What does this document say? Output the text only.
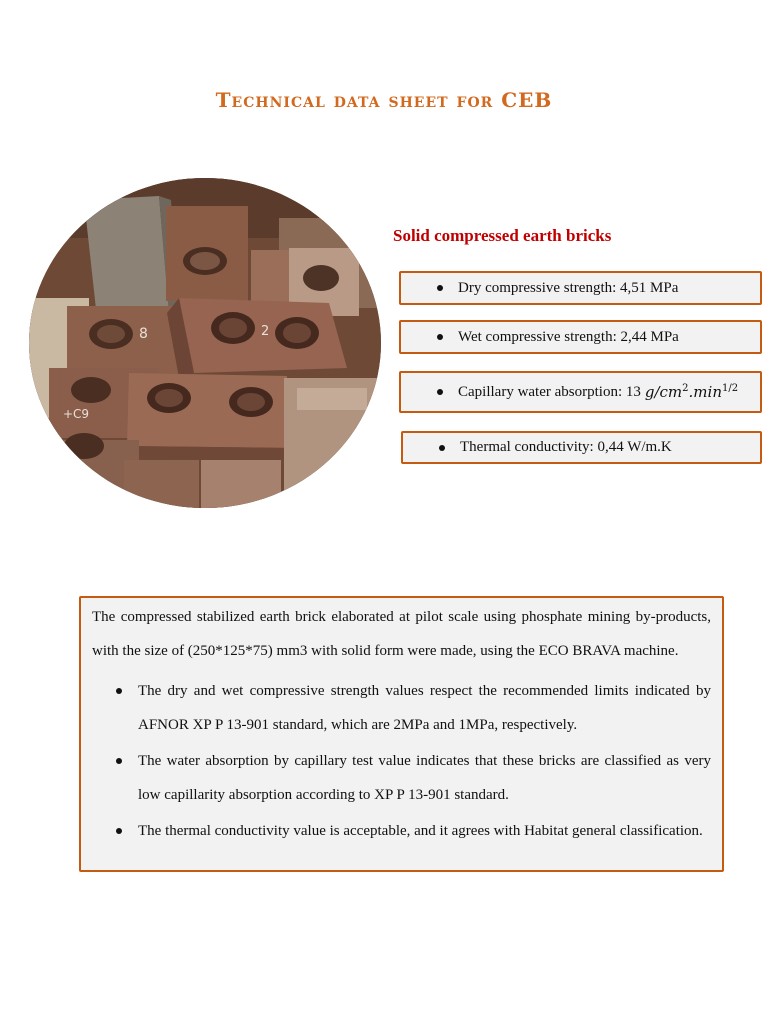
Technical data sheet for CEB
8	2
+C9
Solid compressed earth bricks
Dry compressive strength: 4,51 MPa
Wet compressive strength: 2,44 MPa
Capillary water absorption: 13 $g/cm^2.\min^{1/2}$
Thermal conductivity: 0,44 W/m.K

The compressed stabilized earth brick elaborated at pilot scale using phosphate mining by-products, with the size of (250*125*75) mm3 with solid form were made, using the ECO BRAVA machine.

The dry and wet compressive strength values respect the recommended limits indicated by AFNOR XP P 13-901 standard, which are 2MPa and 1MPa, respectively.
The water absorption by capillary test value indicates that these bricks are classified as very low capillarity absorption according to XP P 13-901 standard.
The thermal conductivity value is acceptable, and it agrees with Habitat general classification.
